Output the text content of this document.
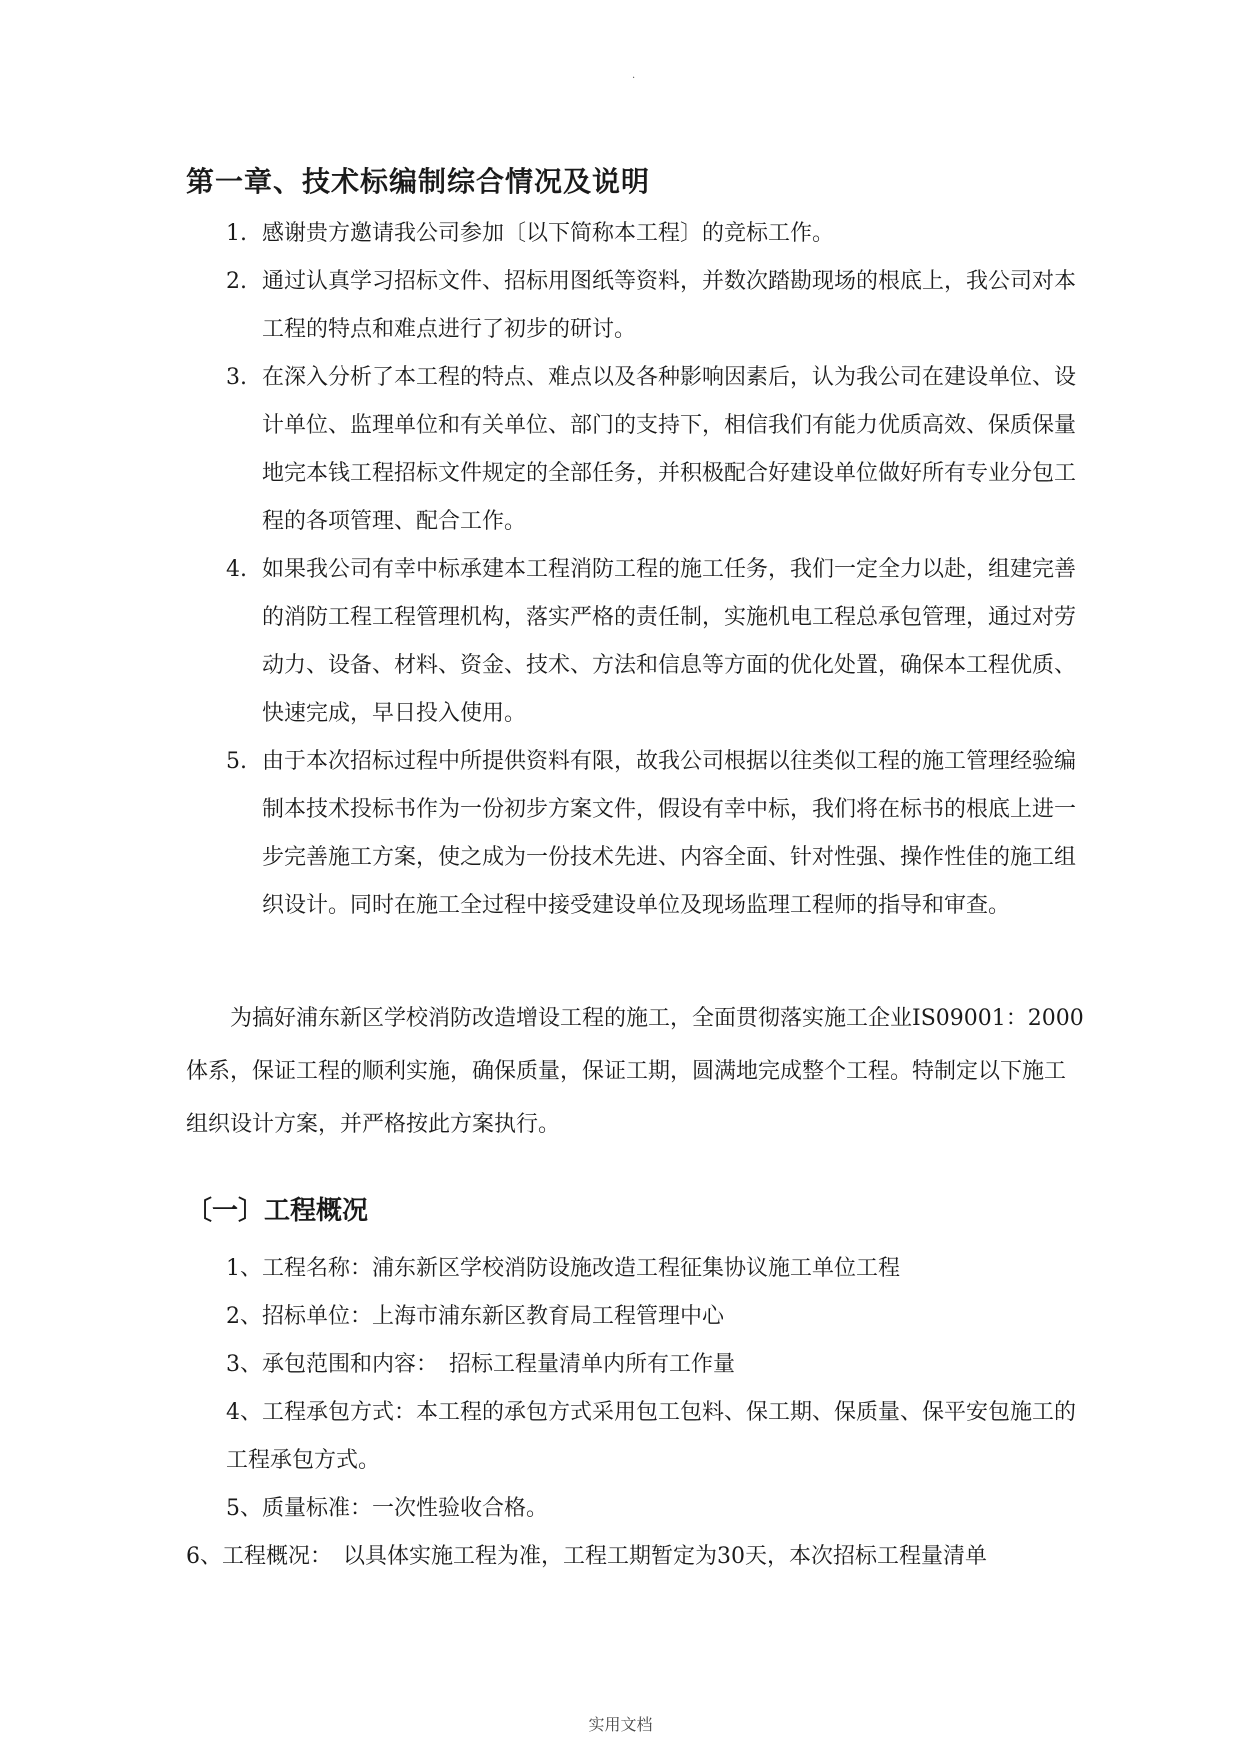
.
第一章、技术标编制综合情况及说明
1. 感谢贵方邀请我公司参加〔以下简称本工程〕的竞标工作。
2. 通过认真学习招标文件、招标用图纸等资料，并数次踏勘现场的根底上，我公司对本工程的特点和难点进行了初步的研讨。
3. 在深入分析了本工程的特点、难点以及各种影响因素后，认为我公司在建设单位、设计单位、监理单位和有关单位、部门的支持下，相信我们有能力优质高效、保质保量地完本钱工程招标文件规定的全部任务，并积极配合好建设单位做好所有专业分包工程的各项管理、配合工作。
4. 如果我公司有幸中标承建本工程消防工程的施工任务，我们一定全力以赴，组建完善的消防工程工程管理机构，落实严格的责任制，实施机电工程总承包管理，通过对劳动力、设备、材料、资金、技术、方法和信息等方面的优化处置，确保本工程优质、快速完成，早日投入使用。
5. 由于本次招标过程中所提供资料有限，故我公司根据以往类似工程的施工管理经验编制本技术投标书作为一份初步方案文件，假设有幸中标，我们将在标书的根底上进一步完善施工方案，使之成为一份技术先进、内容全面、针对性强、操作性佳的施工组织设计。同时在施工全过程中接受建设单位及现场监理工程师的指导和审查。

为搞好浦东新区学校消防改造增设工程的施工，全面贯彻落实施工企业IS09001：2000体系，保证工程的顺利实施，确保质量，保证工期，圆满地完成整个工程。特制定以下施工组织设计方案，并严格按此方案执行。

〔一〕工程概况
1、工程名称：浦东新区学校消防设施改造工程征集协议施工单位工程
2、招标单位：上海市浦东新区教育局工程管理中心
3、承包范围和内容：　招标工程量清单内所有工作量
4、工程承包方式：本工程的承包方式采用包工包料、保工期、保质量、保平安包施工的工程承包方式。
5、质量标准：一次性验收合格。
6、工程概况：　以具体实施工程为准，工程工期暂定为30天，本次招标工程量清单
实用文档
